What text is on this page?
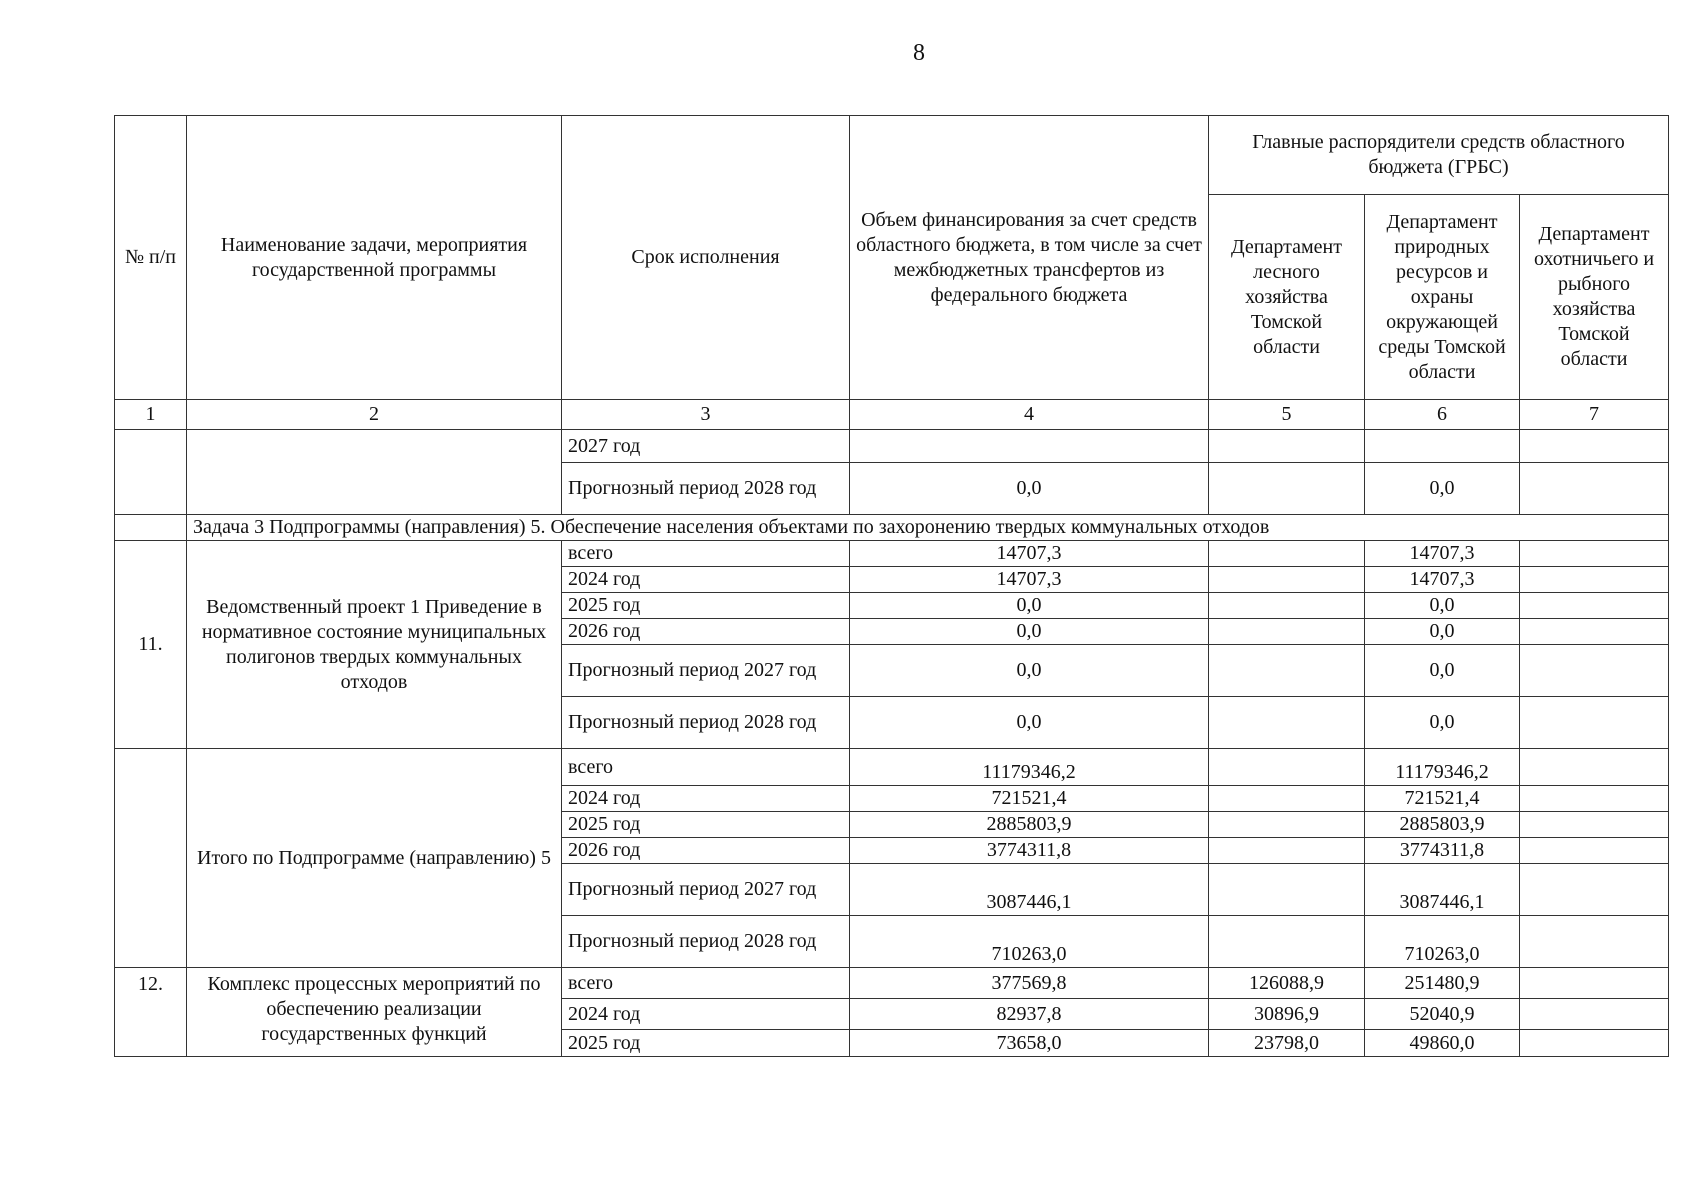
8
№ п/п	Наименование задачи, мероприятия государственной программы	Срок исполнения	Объем финансирования за счет средств областного бюджета, в том числе за счет межбюджетных трансфертов из федерального бюджета	Главные распорядители средств областного бюджета (ГРБС)		
				Департамент лесного хозяйства Томской области	Департамент природных ресурсов и охраны окружающей среды Томской области	Департамент охотничьего и рыбного хозяйства Томской области
1	2	3	4	5	6	7
		2027 год				
		Прогнозный период 2028 год	0,0		0,0	
	Задача 3 Подпрограммы (направления) 5. Обеспечение населения объектами по захоронению твердых коммунальных отходов					
11.	Ведомственный проект 1 Приведение в нормативное состояние муниципальных полигонов твердых коммунальных отходов	всего	14707,3		14707,3	
		2024 год	14707,3		14707,3	
		2025 год	0,0		0,0	
		2026 год	0,0		0,0	
		Прогнозный период 2027 год	0,0		0,0	
		Прогнозный период 2028 год	0,0		0,0	
	Итого по Подпрограмме (направлению) 5	всего	11179346,2		11179346,2	
		2024 год	721521,4		721521,4	
		2025 год	2885803,9		2885803,9	
		2026 год	3774311,8		3774311,8	
		Прогнозный период 2027 год	3087446,1		3087446,1	
		Прогнозный период 2028 год	710263,0		710263,0	
12.	Комплекс процессных мероприятий по обеспечению реализации государственных функций	всего	377569,8	126088,9	251480,9	
		2024 год	82937,8	30896,9	52040,9	
		2025 год	73658,0	23798,0	49860,0	
